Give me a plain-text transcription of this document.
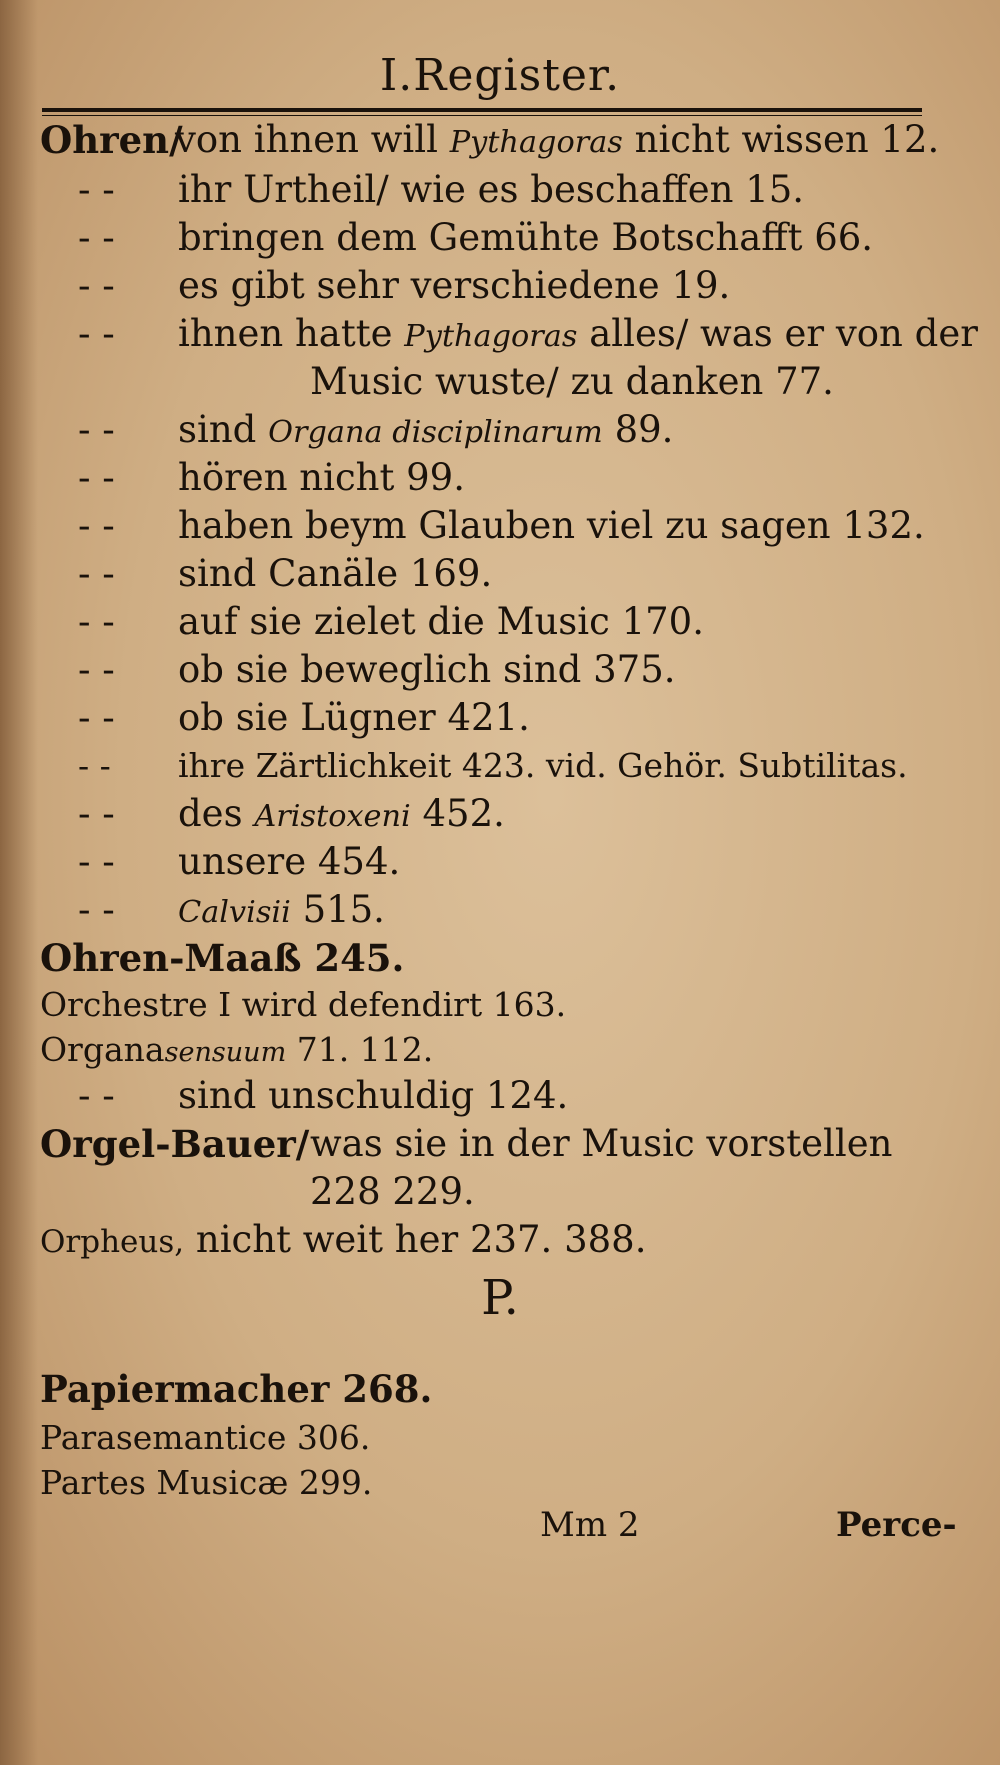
I.Register.
Ohren/
von ihnen will Pythagoras nicht wissen 12.
- -	ihr Urtheil/ wie es beschaffen 15.
- -	bringen dem Gemühte Botschafft 66.
- -	es gibt sehr verschiedene 19.
- -	ihnen hatte Pythagoras alles/ was er von der
Music wuste/ zu danken 77.
- -	sind Organa disciplinarum 89.
- -	hören nicht 99.
- -	haben beym Glauben viel zu sagen 132.
- -	sind Canäle 169.
- -	auf sie zielet die Music 170.
- -	ob sie beweglich sind 375.
- -	ob sie Lügner 421.
- -	ihre Zärtlichkeit 423. vid. Gehör. Subtilitas.
- -	des Aristoxeni 452.
- -	unsere 454.
- -	Calvisii 515.
Ohren-Maaß 245.
Orchestre I wird defendirt 163.
Organasensuum 71. 112.
- -	sind unschuldig 124.
Orgel-Bauer/ was sie in der Music vorstellen
228 229.
Orpheus, nicht weit her 237. 388.
P.
Papiermacher 268.
Parasemantice 306.
Partes Musicæ 299.
Mm 2	Perce-
